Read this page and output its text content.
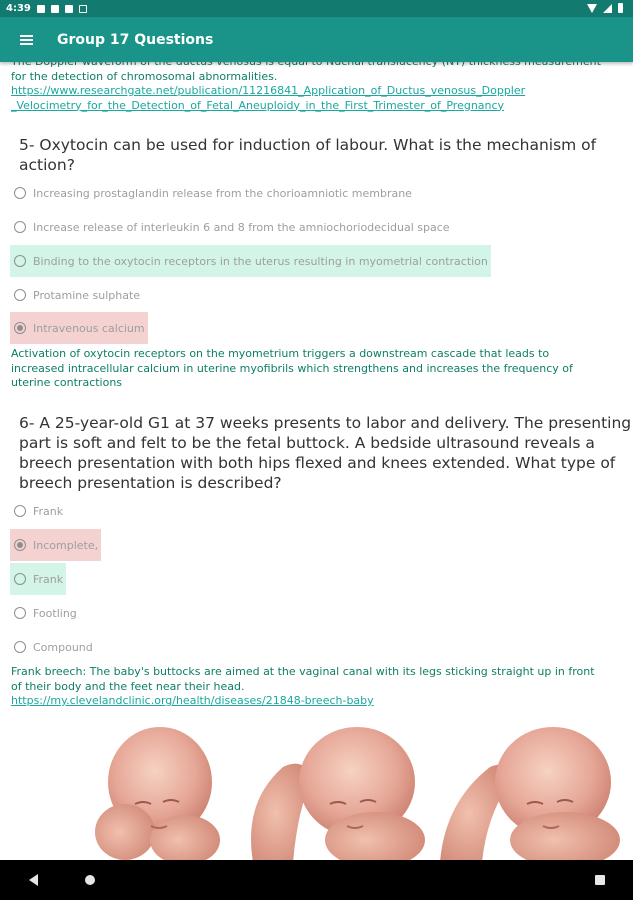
4:39
Group 17 Questions
for the detection of chromosomal abnormalities.
https://www.researchgate.net/publication/11216841_Application_of_Ductus_venosus_Doppler
_Velocimetry_for_the_Detection_of_Fetal_Aneuploidy_in_the_First_Trimester_of_Pregnancy
5- Oxytocin can be used for induction of labour. What is the mechanism of
action?
Increasing prostaglandin release from the chorioamniotic membrane
Increase release of interleukin 6 and 8 from the amniochoriodecidual space
Binding to the oxytocin receptors in the uterus resulting in myometrial contraction
Protamine sulphate
Intravenous calcium
Activation of oxytocin receptors on the myometrium triggers a downstream cascade that leads to
increased intracellular calcium in uterine myofibrils which strengthens and increases the frequency of
uterine contractions
6- A 25-year-old G1 at 37 weeks presents to labor and delivery. The presenting
part is soft and felt to be the fetal buttock. A bedside ultrasound reveals a
breech presentation with both hips flexed and knees extended. What type of
breech presentation is described?
Frank
Incomplete,
Frank
Footling
Compound
Frank breech: The baby's buttocks are aimed at the vaginal canal with its legs sticking straight up in front
of their body and the feet near their head.
https://my.clevelandclinic.org/health/diseases/21848-breech-baby
